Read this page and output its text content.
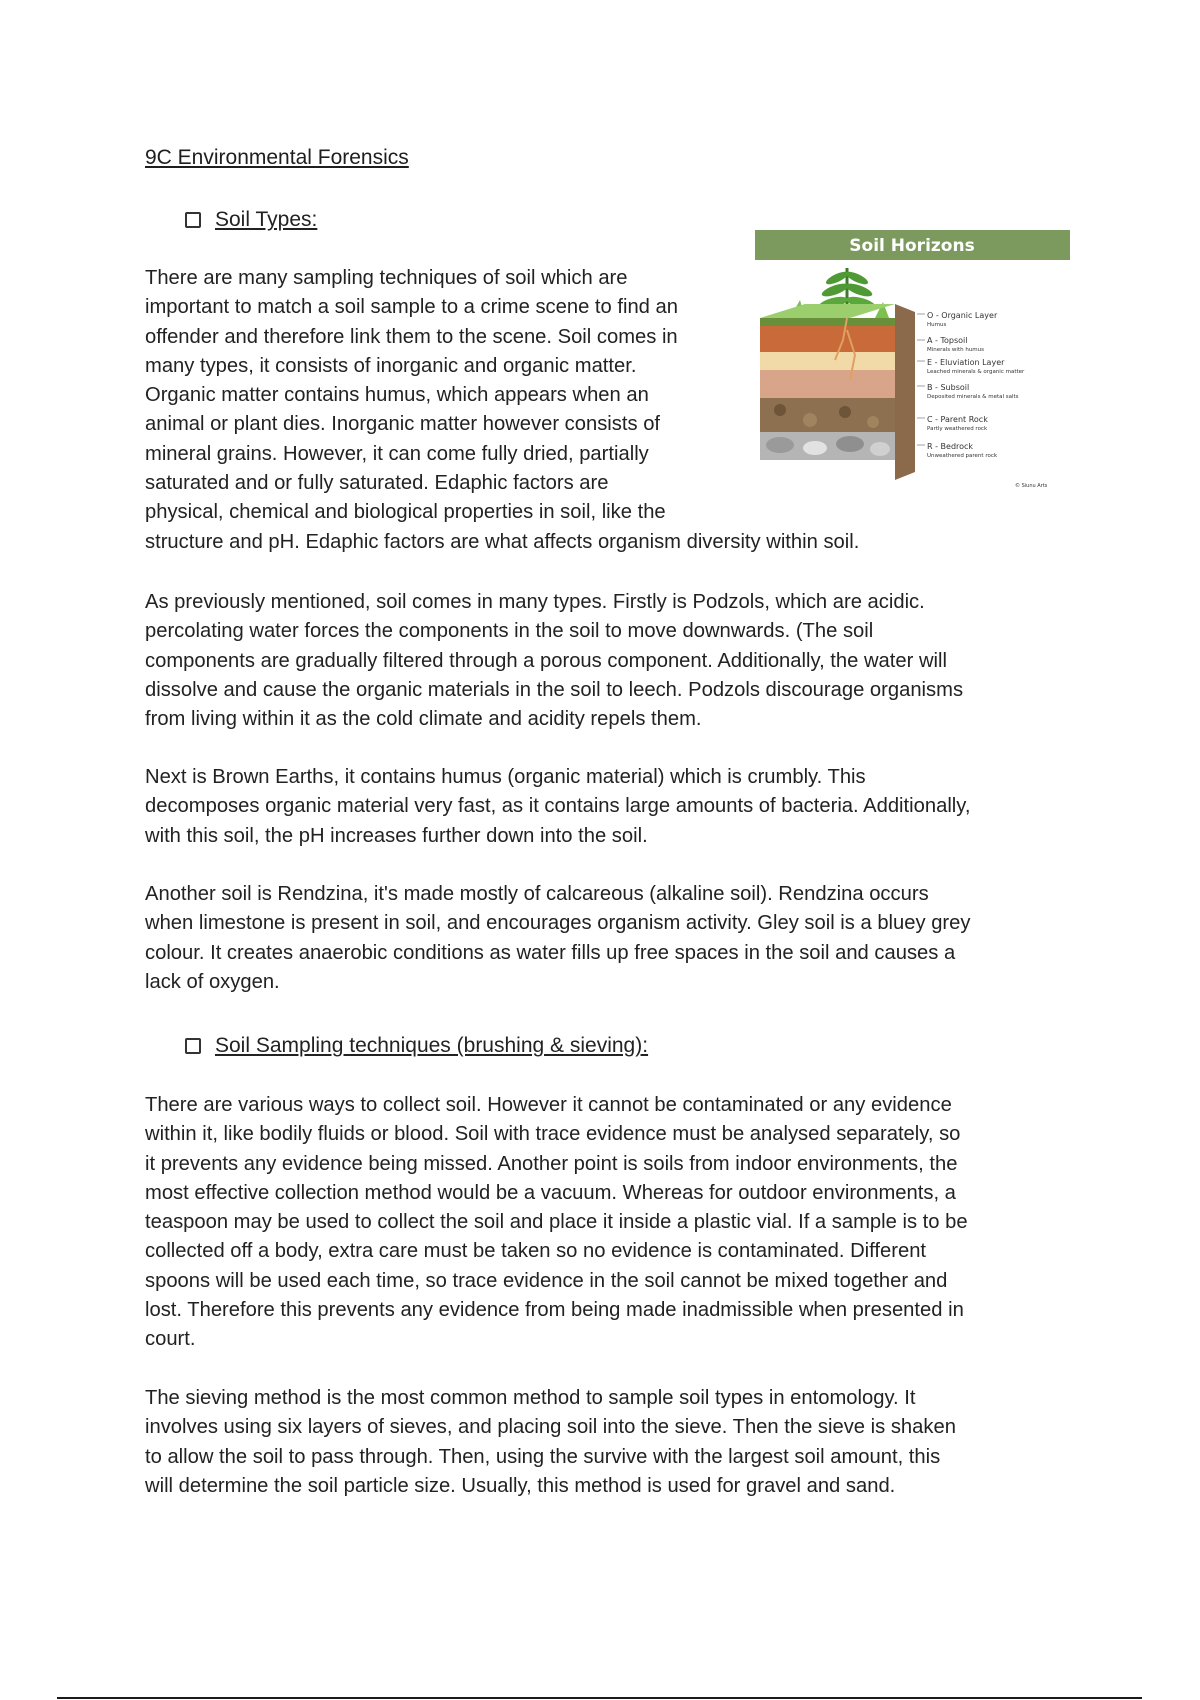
9C Environmental Forensics
Soil Types:

There are many sampling techniques of soil which are
important to match a soil sample to a crime scene to find an
offender and therefore link them to the scene. Soil comes in
many types, it consists of inorganic and organic matter.
Organic matter contains humus, which appears when an
animal or plant dies. Inorganic matter however consists of
mineral grains. However, it can come fully dried, partially
saturated and or fully saturated. Edaphic factors are
physical, chemical and biological properties in soil, like the
structure and pH. Edaphic factors are what affects organism diversity within soil.

Soil Horizons
O - Organic Layer
Humus
A - Topsoil
Minerals with humus
E - Eluviation Layer
Leached minerals & organic matter
B - Subsoil
Deposited minerals & metal salts
C - Parent Rock
Partly weathered rock
R - Bedrock
Unweathered parent rock
© Siunu Arts

As previously mentioned, soil comes in many types. Firstly is Podzols, which are acidic.
percolating water forces the components in the soil to move downwards. (The soil
components are gradually filtered through a porous component. Additionally, the water will
dissolve and cause the organic materials in the soil to leech. Podzols discourage organisms
from living within it as the cold climate and acidity repels them.

Next is Brown Earths, it contains humus (organic material) which is crumbly. This
decomposes organic material very fast, as it contains large amounts of bacteria. Additionally,
with this soil, the pH increases further down into the soil.

Another soil is Rendzina, it's made mostly of calcareous (alkaline soil). Rendzina occurs
when limestone is present in soil, and encourages organism activity. Gley soil is a bluey grey
colour. It creates anaerobic conditions as water fills up free spaces in the soil and causes a
lack of oxygen.

Soil Sampling techniques (brushing & sieving):

There are various ways to collect soil. However it cannot be contaminated or any evidence
within it, like bodily fluids or blood. Soil with trace evidence must be analysed separately, so
it prevents any evidence being missed. Another point is soils from indoor environments, the
most effective collection method would be a vacuum. Whereas for outdoor environments, a
teaspoon may be used to collect the soil and place it inside a plastic vial. If a sample is to be
collected off a body, extra care must be taken so no evidence is contaminated. Different
spoons will be used each time, so trace evidence in the soil cannot be mixed together and
lost. Therefore this prevents any evidence from being made inadmissible when presented in
court.

The sieving method is the most common method to sample soil types in entomology. It
involves using six layers of sieves, and placing soil into the sieve. Then the sieve is shaken
to allow the soil to pass through. Then, using the survive with the largest soil amount, this
will determine the soil particle size. Usually, this method is used for gravel and sand.
